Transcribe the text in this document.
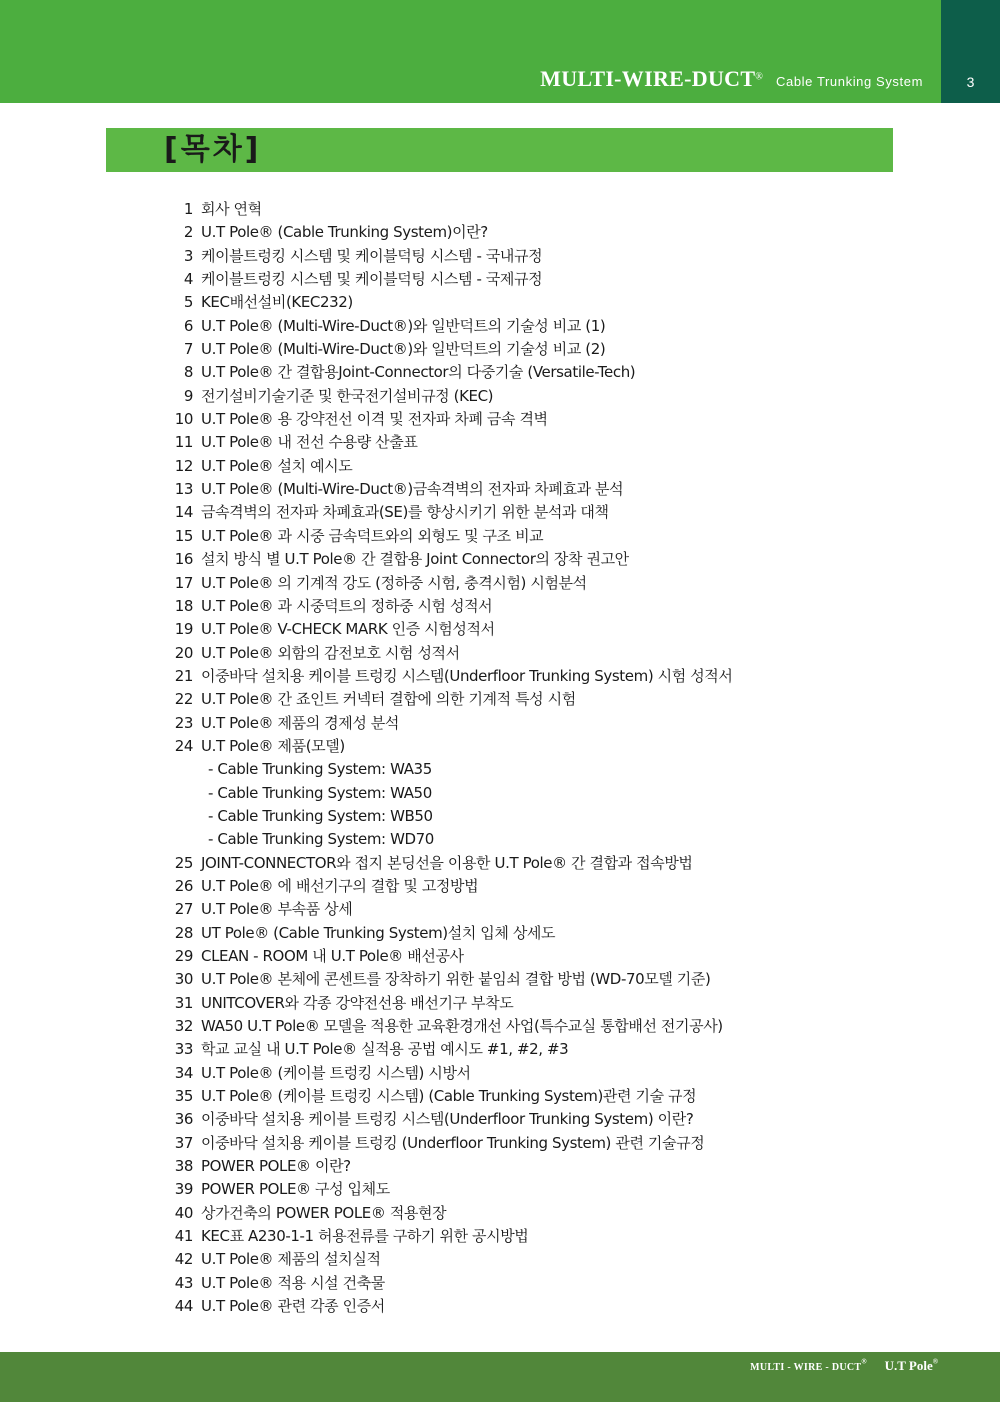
MULTI-WIRE-DUCT® Cable Trunking System	3
[목차]
1 회사 연혁
2 U.T Pole® (Cable Trunking System)이란?
3 케이블트렁킹 시스템 및 케이블덕팅 시스템 - 국내규정
4 케이블트렁킹 시스템 및 케이블덕팅 시스템 - 국제규정
5 KEC배선설비(KEC232)
6 U.T Pole® (Multi-Wire-Duct®)와 일반덕트의 기술성 비교 (1)
7 U.T Pole® (Multi-Wire-Duct®)와 일반덕트의 기술성 비교 (2)
8 U.T Pole® 간 결합용Joint-Connector의 다중기술 (Versatile-Tech)
9 전기설비기술기준 및 한국전기설비규정 (KEC)
10 U.T Pole® 용 강약전선 이격 및 전자파 차폐 금속 격벽
11 U.T Pole® 내 전선 수용량 산출표
12 U.T Pole® 설치 예시도
13 U.T Pole® (Multi-Wire-Duct®)금속격벽의 전자파 차폐효과 분석
14 금속격벽의 전자파 차폐효과(SE)를 향상시키기 위한 분석과 대책
15 U.T Pole® 과 시중 금속덕트와의 외형도 및 구조 비교
16 설치 방식 별 U.T Pole® 간 결합용 Joint Connector의 장착 권고안
17 U.T Pole® 의 기계적 강도 (정하중 시험, 충격시험) 시험분석
18 U.T Pole® 과 시중덕트의 정하중 시험 성적서
19 U.T Pole® V-CHECK MARK 인증 시험성적서
20 U.T Pole® 외함의 감전보호 시험 성적서
21 이중바닥 설치용 케이블 트렁킹 시스템(Underfloor Trunking System) 시험 성적서
22 U.T Pole® 간 죠인트 커넥터 결합에 의한 기계적 특성 시험
23 U.T Pole® 제품의 경제성 분석
24 U.T Pole® 제품(모델)
- Cable Trunking System: WA35
- Cable Trunking System: WA50
- Cable Trunking System: WB50
- Cable Trunking System: WD70
25 JOINT-CONNECTOR와 접지 본딩선을 이용한 U.T Pole® 간 결합과 접속방법
26 U.T Pole® 에 배선기구의 결합 및 고정방법
27 U.T Pole® 부속품 상세
28 UT Pole® (Cable Trunking System)설치 입체 상세도
29 CLEAN - ROOM 내 U.T Pole® 배선공사
30 U.T Pole® 본체에 콘센트를 장착하기 위한 붙임쇠 결합 방법 (WD-70모델 기준)
31 UNITCOVER와 각종 강약전선용 배선기구 부착도
32 WA50 U.T Pole® 모델을 적용한 교육환경개선 사업(특수교실 통합배선 전기공사)
33 학교 교실 내 U.T Pole® 실적용 공법 예시도 #1, #2, #3
34 U.T Pole® (케이블 트렁킹 시스템) 시방서
35 U.T Pole® (케이블 트렁킹 시스템) (Cable Trunking System)관련 기술 규정
36 이중바닥 설치용 케이블 트렁킹 시스템(Underfloor Trunking System) 이란?
37 이중바닥 설치용 케이블 트렁킹 (Underfloor Trunking System) 관련 기술규정
38 POWER POLE® 이란?
39 POWER POLE® 구성 입체도
40 상가건축의 POWER POLE® 적용현장
41 KEC표 A230-1-1 허용전류를 구하기 위한 공시방법
42 U.T Pole® 제품의 설치실적
43 U.T Pole® 적용 시설 건축물
44 U.T Pole® 관련 각종 인증서
MULTI - WIRE - DUCT® U.T Pole®
